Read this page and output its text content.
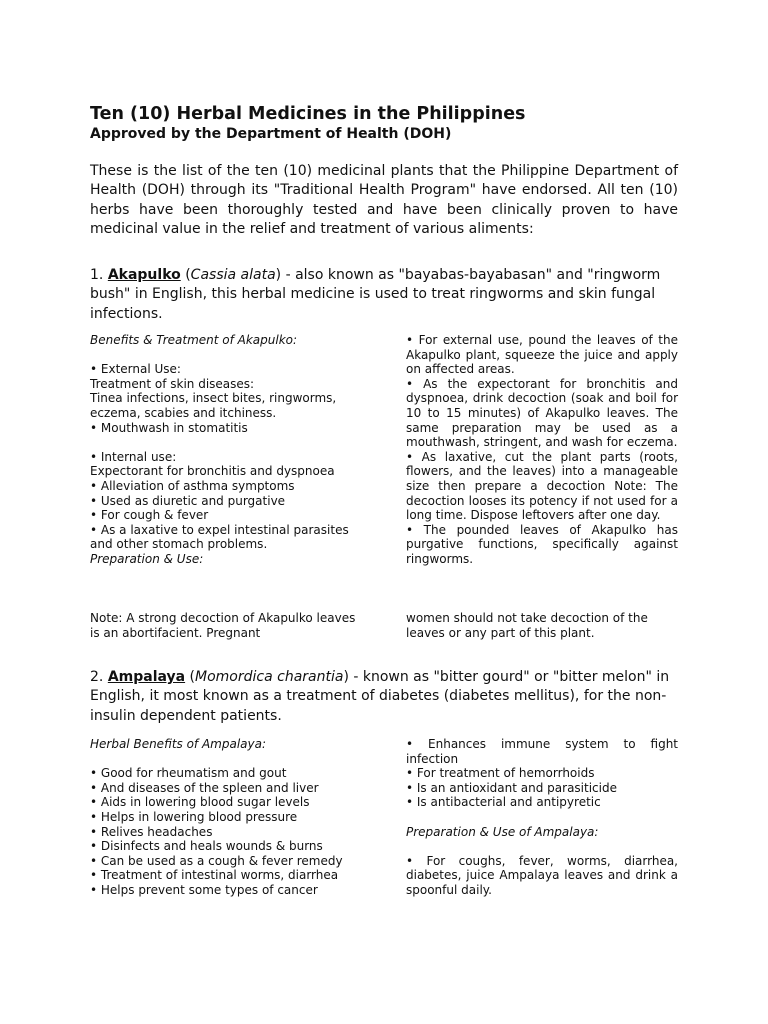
Ten (10) Herbal Medicines in the Philippines
Approved by the Department of Health (DOH)
These is the list of the ten (10) medicinal plants that the Philippine Department of Health (DOH) through its "Traditional Health Program" have endorsed. All ten (10) herbs have been thoroughly tested and have been clinically proven to have medicinal value in the relief and treatment of various aliments:
1. Akapulko (Cassia alata) - also known as "bayabas-bayabasan" and "ringworm bush" in English, this herbal medicine is used to treat ringworms and skin fungal infections.

Benefits & Treatment of Akapulko:

• External Use:

Treatment of skin diseases:

Tinea infections, insect bites, ringworms, eczema, scabies and itchiness.

• Mouthwash in stomatitis

• Internal use:

Expectorant for bronchitis and dyspnoea

• Alleviation of asthma symptoms

• Used as diuretic and purgative

• For cough & fever

• As a laxative to expel intestinal parasites and other stomach problems.

Preparation & Use:

Note: A strong decoction of Akapulko leaves is an abortifacient. Pregnant

• For external use, pound the leaves of the Akapulko plant, squeeze the juice and apply on affected areas.

• As the expectorant for bronchitis and dyspnoea, drink decoction (soak and boil for 10 to 15 minutes) of Akapulko leaves. The same preparation may be used as a mouthwash, stringent, and wash for eczema.

• As laxative, cut the plant parts (roots, flowers, and the leaves) into a manageable size then prepare a decoction Note: The decoction looses its potency if not used for a long time. Dispose leftovers after one day.

• The pounded leaves of Akapulko has purgative functions, specifically against ringworms.

women should not take decoction of the leaves or any part of this plant.
2. Ampalaya (Momordica charantia) - known as "bitter gourd" or "bitter melon" in English, it most known as a treatment of diabetes (diabetes mellitus), for the non-insulin dependent patients.

Herbal Benefits of Ampalaya:

• Good for rheumatism and gout

• And diseases of the spleen and liver

• Aids in lowering blood sugar levels

• Helps in lowering blood pressure

• Relives headaches

• Disinfects and heals wounds & burns

• Can be used as a cough & fever remedy

• Treatment of intestinal worms, diarrhea

• Helps prevent some types of cancer

• Enhances immune system to fight infection

• For treatment of hemorrhoids

• Is an antioxidant and parasiticide

• Is antibacterial and antipyretic

Preparation & Use of Ampalaya:

• For coughs, fever, worms, diarrhea, diabetes, juice Ampalaya leaves and drink a spoonful daily.
